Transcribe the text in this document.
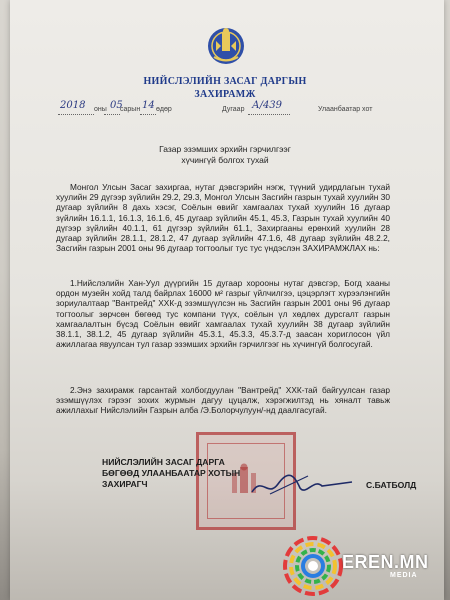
НИЙСЛЭЛИЙН ЗАСАГ ДАРГЫН
ЗАХИРАМЖ
2018 оны 05
сарын 14 өдөр	Дугаар А/439	Улаанбаатар хот
Газар эзэмших эрхийн гэрчилгээг
хүчингүй болгох тухай

Монгол Улсын Засаг захиргаа, нутаг дэвсгэрийн нэгж, түүний удирдлагын тухай хуулийн 29 дүгээр зүйлийн 29.2, 29.3, Монгол Улсын Засгийн газрын тухай хуулийн 30 дугаар зүйлийн 8 дахь хэсэг, Соёлын өвийг хамгаалах тухай хуулийн 16 дугаар зүйлийн 16.1.1, 16.1.3, 16.1.6, 45 дугаар зүйлийн 45.1, 45.3, Газрын тухай хуулийн 40 дүгээр зүйлийн 40.1.1, 61 дүгээр зүйлийн 61.1, Захиргааны ерөнхий хуулийн 28 дугаар зүйлийн 28.1.1, 28.1.2, 47 дугаар зүйлийн 47.1.6, 48 дугаар зүйлийн 48.2.2, Засгийн газрын 2001 оны 96 дугаар тогтоолыг тус тус үндэслэн ЗАХИРАМЖЛАХ нь:

1.Нийслэлийн Хан-Уул дүүргийн 15 дугаар хорооны нутаг дэвсгэр, Богд хааны ордон музейн хойд талд байрлах 16000 м² газрыг үйлчилгээ, цэцэрлэгт хүрээлэнгийн зориулалтаар "Вантрейд" ХХК-д эзэмшүүлсэн нь Засгийн газрын 2001 оны 96 дугаар тогтоолыг зөрчсөн бөгөөд тус компани түүх, соёлын үл хөдлөх дурсгалт газрын хамгаалалтын бүсэд Соёлын өвийг хамгаалах тухай хуулийн 38 дугаар зүйлийн 38.1.1, 38.1.2, 45 дугаар зүйлийн 45.3.1, 45.3.3, 45.3.7-д заасан хориглосон үйл ажиллагаа явуулсан тул газар эзэмших эрхийн гэрчилгээг нь хүчингүй болгосугай.

2.Энэ захирамж гарсантай холбогдуулан "Вантрейд" ХХК-тай байгуулсан газар эзэмшүүлэх гэрээг зохих журмын дагуу цуцалж, хэрэгжилтэд нь хяналт тавьж ажиллахыг Нийслэлийн Газрын алба /Э.Болорчулуун/-нд даалгасугай.

НИЙСЛЭЛИЙН ЗАСАГ ДАРГА
БӨГӨӨД УЛААНБААТАР ХОТЫН
ЗАХИРАГЧ	С.БАТБОЛД
EREN.MN
MEDIA
